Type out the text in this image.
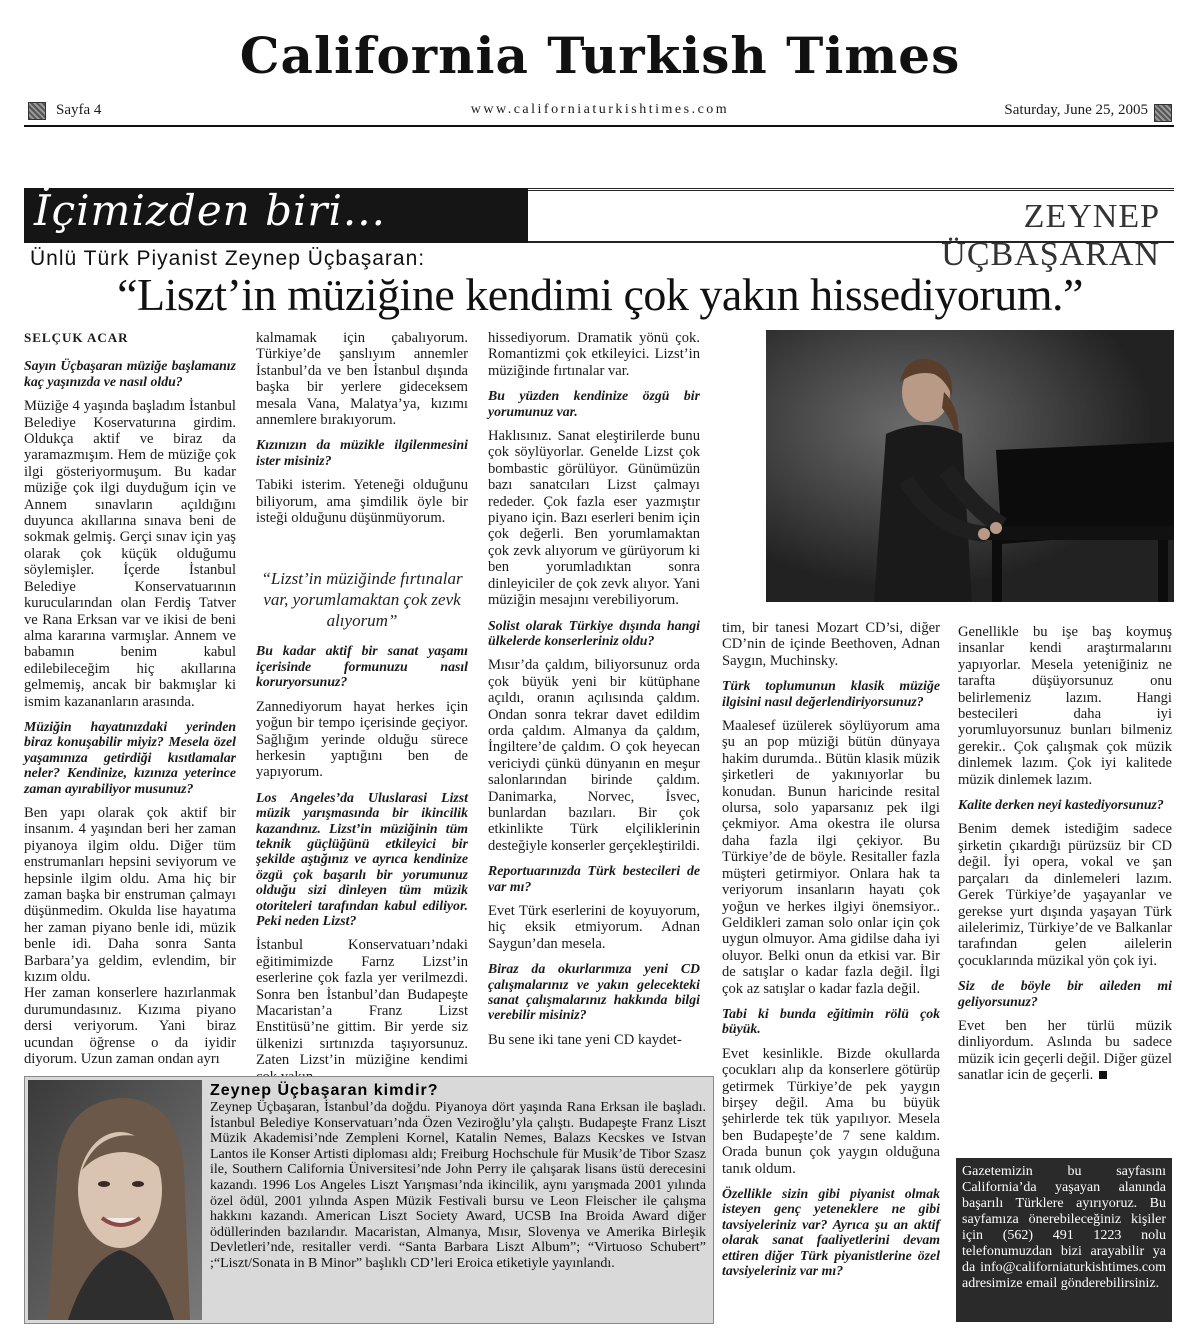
California Turkish Times
Sayfa 4	www.californiaturkishtimes.com	Saturday, June 25, 2005
İçimizden biri...	ZEYNEP ÜÇBAŞARAN
Ünlü Türk Piyanist Zeynep Üçbaşaran:
“Liszt’in müziğine kendimi çok yakın hissediyorum.”
SELÇUK ACAR

Sayın Üçbaşaran müziğe başlamanız kaç yaşınızda ve nasıl oldu?

Müziğe 4 yaşında başladım İstanbul Belediye Koservaturına girdim. Oldukça aktif ve biraz da yaramazmışım. Hem de müziğe çok ilgi gösteriyormuşum. Bu kadar müziğe çok ilgi duyduğum için ve Annem sınavların açıldığını duyunca akıllarına sınava beni de sokmak gelmiş. Gerçi sınav için yaş olarak çok küçük olduğumu söylemişler. İçerde İstanbul Belediye Konservatuarının kurucularından olan Ferdiş Tatver ve Rana Erksan var ve ikisi de beni alma kararına varmışlar. Annem ve babamın benim kabul edilebileceğim hiç akıllarına gelmemiş, ancak bir bakmışlar ki ismim kazananların arasında.

Müziğin hayatınızdaki yerinden biraz konuşabilir miyiz? Mesela özel yaşamınıza getirdiği kısıtlamalar neler? Kendinize, kızınıza yeterince zaman ayırabiliyor musunuz?

Ben yapı olarak çok aktif bir insanım. 4 yaşından beri her zaman piyanoya ilgim oldu. Diğer tüm enstrumanları hepsini seviyorum ve hepsinle ilgim oldu. Ama hiç bir zaman başka bir enstruman çalmayı düşünmedim. Okulda lise hayatıma her zaman piyano benle idi, müzik benle idi. Daha sonra Santa Barbara’ya geldim, evlendim, bir kızım oldu.

Her zaman konserlere hazırlanmak durumundasınız. Kızıma piyano dersi veriyorum. Yani biraz ucundan öğrense o da iyidir diyorum. Uzun zaman ondan ayrı

kalmamak için çabalıyorum. Türkiye’de şanslıyım annemler İstanbul’da ve ben İstanbul dışında başka bir yerlere gideceksem mesala Vana, Malatya’ya, kızımı annemlere bırakıyorum.

Kızınızın da müzikle ilgilenmesini ister misiniz?

Tabiki isterim. Yeteneği olduğunu biliyorum, ama şimdilik öyle bir isteği olduğunu düşünmüyorum.

Bu kadar aktif bir sanat yaşamı içerisinde formunuzu nasıl koruryorsunuz?

Zannediyorum hayat herkes için yoğun bir tempo içerisinde geçiyor. Sağlığım yerinde olduğu sürece herkesin yaptığını ben de yapıyorum.

Los Angeles’da Uluslarasi Lizst müzik yarışmasında bir ikincilik kazandınız. Lizst’in müziğinin tüm teknik güçlüğünü etkileyici bir şekilde aştığınız ve ayrıca kendinize özgü çok başarılı bir yorumunuz olduğu sizi dinleyen tüm müzik otoriteleri tarafından kabul ediliyor. Peki neden Lizst?

İstanbul Konservatuarı’ndaki eğitimimizde Farnz Lizst’in eserlerine çok fazla yer verilmezdi. Sonra ben İstanbul’dan Budapeşte Macaristan’a Franz Lizst Enstitüsü’ne gittim. Bir yerde siz ülkenizi sırtınızda taşıyorsunuz. Zaten Lizst’in müziğine kendimi

“Lizst’in müziğinde fırtınalar var, yorumlamaktan çok zevk alıyorum”

hissediyorum. Dramatik yönü çok. Romantizmi çok etkileyici. Lizst’in müziğinde fırtınalar var.

Bu yüzden kendinize özgü bir yorumunuz var.

Haklısınız. Sanat eleştirilerde bunu çok söylüyorlar. Genelde Lizst çok bombastic görülüyor. Günümüzün bazı sanatcıları Lizst çalmayı rededer. Çok fazla eser yazmıştır piyano için. Bazı eserleri benim için çok değerli. Ben yorumlamaktan çok zevk alıyorum ve gürüyorum ki ben yorumladıktan sonra dinleyiciler de çok zevk alıyor. Yani müziğin mesajını verebiliyorum.

Solist olarak Türkiye dışında hangi ülkelerde konserleriniz oldu?

Mısır’da çaldım, biliyorsunuz orda çok büyük yeni bir kütüphane açıldı, oranın açılısında çaldım. Ondan sonra tekrar davet edildim orda çaldım. Almanya da çaldım, İngiltere’de çaldım. O çok heyecan vericiydi çünkü dünyanın en meşur salonlarından birinde çaldım. Danimarka, Norvec, İsvec, bunlardan bazıları. Bir çok etkinlikte Türk elçiliklerinin desteğiyle konserler gerçekleştirildi.

Reportuarınızda Türk bestecileri de var mı?

Evet Türk eserlerini de koyuyorum, hiç eksik etmiyorum. Adnan Saygun’dan mesela.

Biraz da okurlarımıza yeni CD çalışmalarınız ve yakın gelecekteki sanat çalışmalarınız hakkında bilgi verebilir misiniz?

Bu sene iki tane yeni CD kaydet-

tim, bir tanesi Mozart CD’si, diğer CD’nin de içinde Beethoven, Adnan Saygın, Muchinsky.

Türk toplumunun klasik müziğe ilgisini nasıl değerlendiriyorsunuz?

Maalesef üzülerek söylüyorum ama şu an pop müziği bütün dünyaya hakim durumda.. Bütün klasik müzik şirketleri de yakınıyorlar bu konudan. Bunun haricinde resital olursa, solo yaparsanız pek ilgi çekmiyor. Ama okestra ile olursa daha fazla ilgi çekiyor. Bu Türkiye’de de böyle. Resitaller fazla müşteri getirmiyor. Onlara hak ta veriyorum insanların hayatı çok yoğun ve herkes ilgiyi önemsiyor.. Geldikleri zaman solo onlar için çok uygun olmuyor. Ama gidilse daha iyi oluyor. Belki onun da etkisi var. Bir de satışlar o kadar fazla değil. İlgi çok az satışlar o kadar fazla değil.

Tabi ki bunda eğitimin rölü çok büyük.

Evet kesinlikle. Bizde okullarda çocukları alıp da konserlere götürüp getirmek Türkiye’de pek yaygın birşey değil. Ama bu büyük şehirlerde tek tük yapılıyor. Mesela ben Budapeşte’de 7 sene kaldım. Orada bunun çok yaygın olduğuna tanık oldum.

Özellikle sizin gibi piyanist olmak isteyen genç yeteneklere ne gibi tavsiyeleriniz var? Ayrıca şu an aktif olarak sanat faaliyetlerini devam ettiren diğer Türk piyanistlerine özel tavsiyeleriniz var mı?

Genellikle bu işe baş koymuş insanlar kendi araştırmalarını yapıyorlar. Mesela yeteniğiniz ne tarafta düşüyorsunuz onu belirlemeniz lazım. Hangi bestecileri daha iyi yorumluyorsunuz bunları bilmeniz gerekir.. Çok çalışmak çok müzik dinlemek lazım. Çok iyi kalitede müzik dinlemek lazım.

Kalite derken neyi kastediyorsunuz?

Benim demek istediğim sadece şirketin çıkardığı pürüzsüz bir CD değil. İyi opera, vokal ve şan parçaları da dinlemeleri lazım. Gerek Türkiye’de yaşayanlar ve gerekse yurt dışında yaşayan Türk ailelerimiz, Türkiye’de ve Balkanlar tarafından gelen ailelerin çocuklarında müzikal yön çok iyi.

Siz de böyle bir aileden mi geliyorsunuz?

Evet ben her türlü müzik dinliyordum. Aslında bu sadece müzik icin geçerli değil. Diğer güzel sanatlar icin de geçerli.

Zeynep Üçbaşaran kimdir?
Zeynep Üçbaşaran, İstanbul’da doğdu. Piyanoya dört yaşında Rana Erksan ile başladı. İstanbul Belediye Konservatuarı’nda Özen Veziroğlu’yla çalıştı. Budapeşte Franz Liszt Müzik Akademisi’nde Zempleni Kornel, Katalin Nemes, Balazs Kecskes ve Istvan Lantos ile Konser Artisti diploması aldı; Freiburg Hochschule für Musik’de Tibor Szasz ile, Southern California Üniversitesi’nde John Perry ile çalışarak lisans üstü derecesini kazandı. 1996 Los Angeles Liszt Yarışması’nda ikincilik, aynı yarışmada 2001 yılında özel ödül, 2001 yılında Aspen Müzik Festivali bursu ve Leon Fleischer ile çalışma hakkını kazandı. American Liszt Society Award, UCSB Ina Broida Award diğer ödüllerinden bazılarıdır. Macaristan, Almanya, Mısır, Slovenya ve Amerika Birleşik Devletleri’nde, resitaller verdi. “Santa Barbara Liszt Album”; “Virtuoso Schubert” ;“Liszt/Sonata in B Minor” başlıklı CD’leri Eroica etiketiyle yayınlandı.
Gazetemizin bu sayfasını California’da yaşayan alanında başarılı Türklere ayırıyoruz. Bu sayfamıza önerebileceğiniz kişiler için (562) 491 1223 nolu telefonumuzdan bizi arayabilir ya da info@californiaturkishtimes.com adresimize email gönderebilirsiniz.
